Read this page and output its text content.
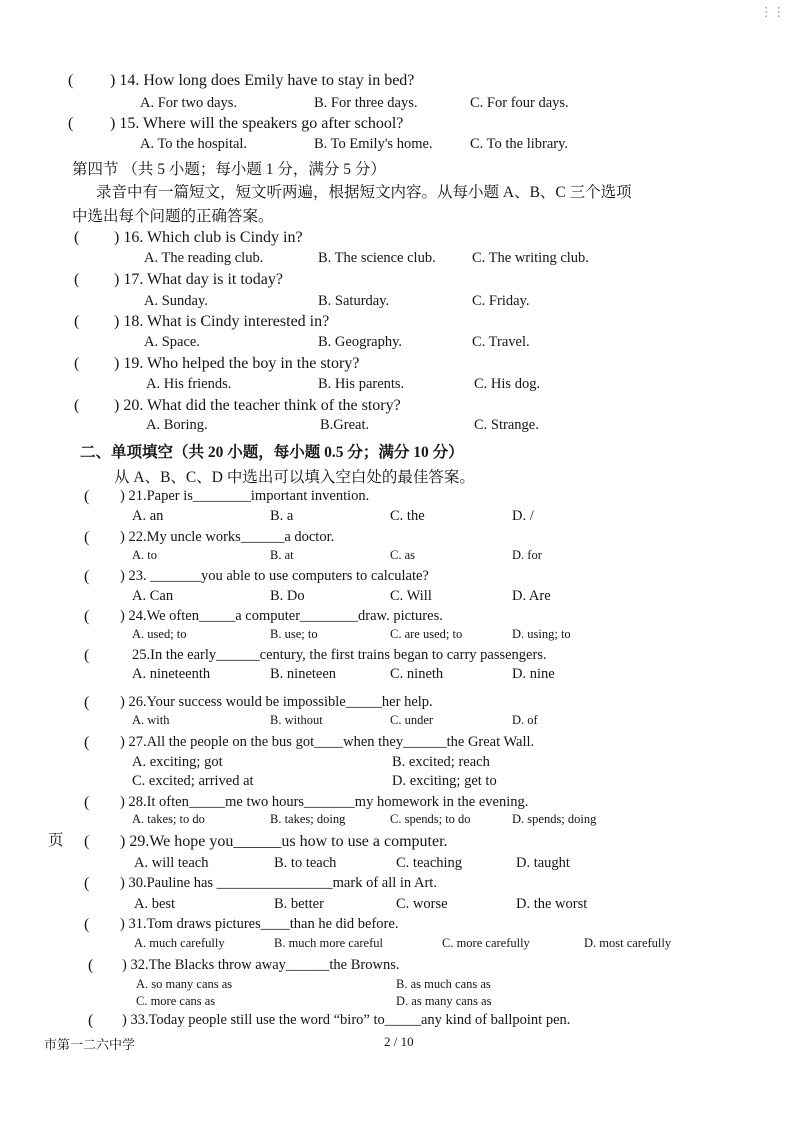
⋮⋮
( ) 14. How long does Emily have to stay in bed?
A. For two days.	B. For three days.	C. For four days.
( ) 15. Where will the speakers go after school?
A. To the hospital.	B. To Emily's home.	C. To the library.
第四节 （共 5 小题；每小题 1 分，满分 5 分）
录音中有一篇短文，短文听两遍，根据短文内容。从每小题 A、B、C 三个选项
中选出每个问题的正确答案。
( ) 16. Which club is Cindy in?
A. The reading club.	B. The science club.	C. The writing club.
( ) 17. What day is it today?
A. Sunday.	B. Saturday.	C. Friday.
( ) 18. What is Cindy interested in?
A. Space.	B. Geography.	C. Travel.
( ) 19. Who helped the boy in the story?
A. His friends.	B. His parents.	C. His dog.
( ) 20. What did the teacher think of the story?
A. Boring.	B.Great.	C. Strange.
二、单项填空（共 20 小题，每小题 0.5 分；满分 10 分）
从 A、B、C、D 中选出可以填入空白处的最佳答案。
( ) 21.Paper is________important invention.
A. an	B. a	C. the	D. /
( ) 22.My uncle works______a doctor.
A. to	B. at	C. as	D. for
( ) 23. _______you able to use computers to calculate?
A. Can	B. Do	C. Will	D. Are
( ) 24.We often_____a computer________draw. pictures.
A. used; to	B. use; to	C. are used; to	D. using; to
(	25.In the early______century, the first trains began to carry passengers.
A. nineteenth	B. nineteen	C. nineth	D. nine
( ) 26.Your success would be impossible_____her help.
A. with	B. without	C. under	D. of
( ) 27.All the people on the bus got____when they______the Great Wall.
A. exciting; got	B. excited; reach
C. excited; arrived at	D. exciting; get to
( ) 28.It often_____me two hours_______my homework in the evening.
A. takes; to do	B. takes; doing	C. spends; to do	D. spends; doing
页 ( ) 29.We hope you______us how to use a computer.
A. will teach	B. to teach	C. teaching	D. taught
( ) 30.Pauline has ________________mark of all in Art.
A. best	B. better	C. worse	D. the worst
( ) 31.Tom draws pictures____than he did before.
A. much carefully	B. much more careful	C. more carefully	D. most carefully
( ) 32.The Blacks throw away______the Browns.
A. so many cans as	B. as much cans as
C. more cans as	D. as many cans as
( ) 33.Today people still use the word “biro” to_____any kind of ballpoint pen.
市第一二六中学	2 / 10
